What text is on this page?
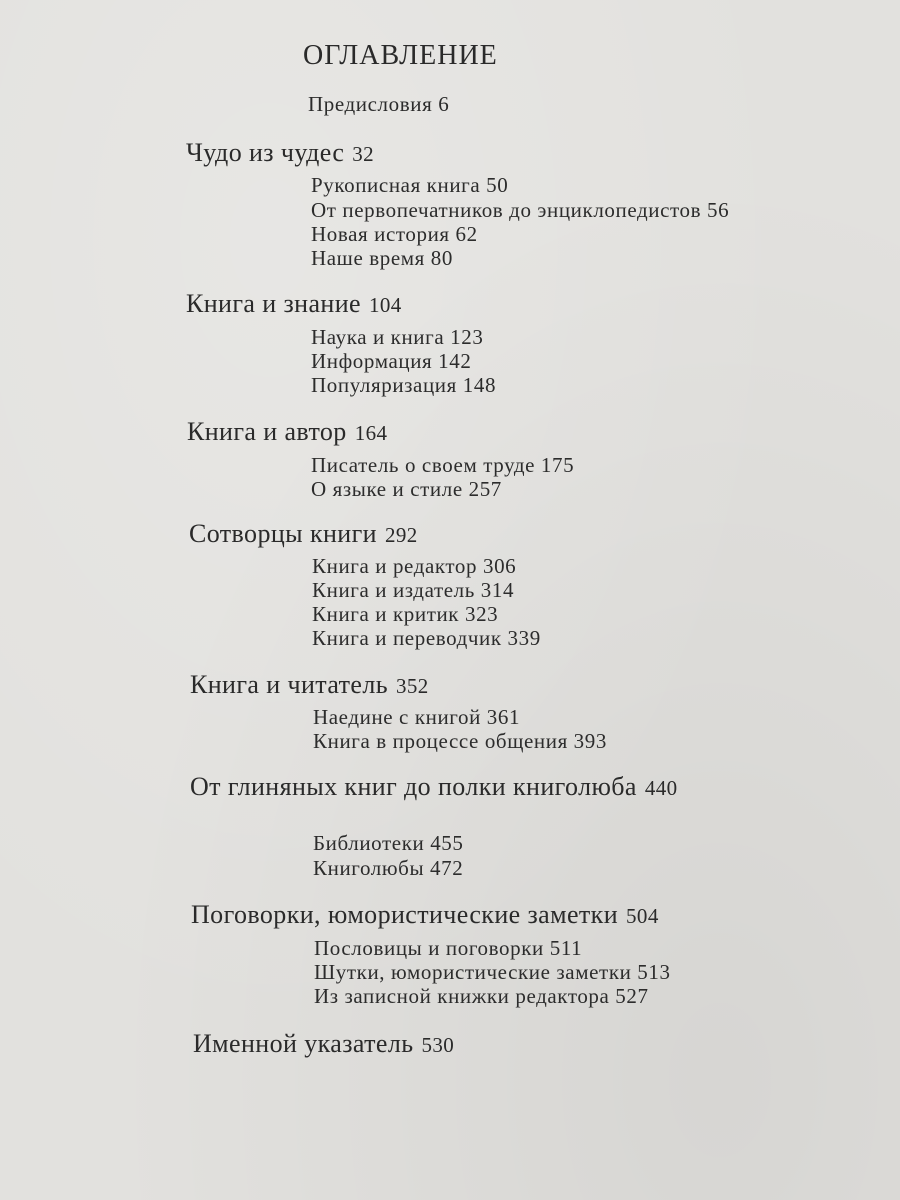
ОГЛАВЛЕНИЕ
Предисловия 6
Чудо из чудес 32
Рукописная книга 50
От первопечатников до энциклопедистов 56
Новая история 62
Наше время 80
Книга и знание 104
Наука и книга 123
Информация 142
Популяризация 148
Книга и автор 164
Писатель о своем труде 175
О языке и стиле 257
Сотворцы книги 292
Книга и редактор 306
Книга и издатель 314
Книга и критик 323
Книга и переводчик 339
Книга и читатель 352
Наедине с книгой 361
Книга в процессе общения 393
От глиняных книг до полки книголюба 440
Библиотеки 455
Книголюбы 472
Поговорки, юмористические заметки 504
Пословицы и поговорки 511
Шутки, юмористические заметки 513
Из записной книжки редактора 527
Именной указатель 530
